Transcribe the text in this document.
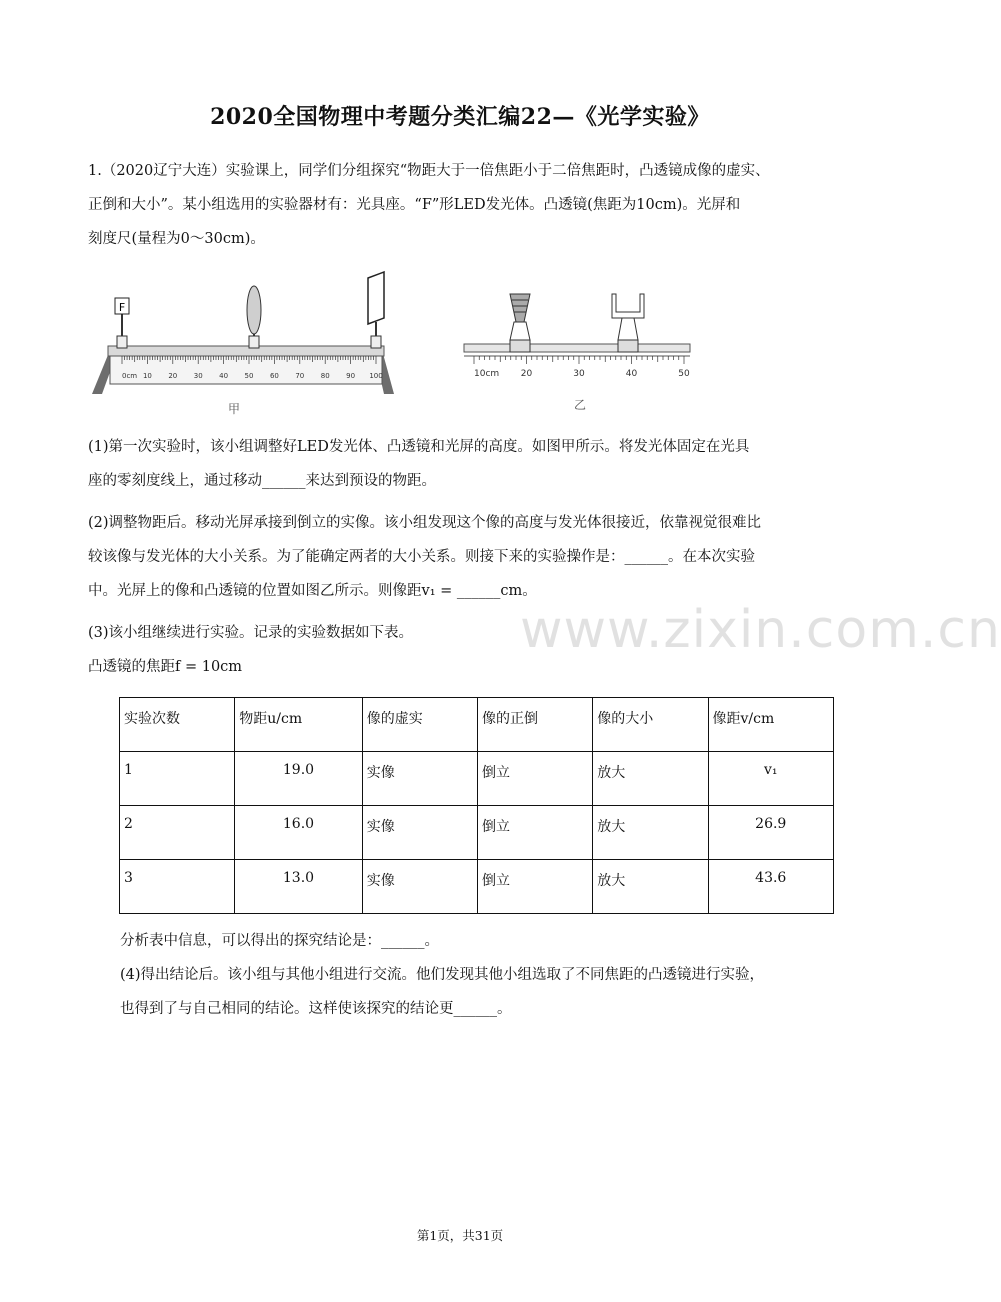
2020全国物理中考题分类汇编22—《光学实验》

1.（2020辽宁大连）实验课上，同学们分组探究“物距大于一倍焦距小于二倍焦距时，凸透镜成像的虚实、
正倒和大小”。某小组选用的实验器材有：光具座。“F”形LED发光体。凸透镜(焦距为10cm)。光屏和
刻度尺(量程为0～30cm)。

0cm 10 20 30 40 50 60 70 80 90 100
F
甲
10cm 20	30	40	50
乙

(1)第一次实验时，该小组调整好LED发光体、凸透镜和光屏的高度。如图甲所示。将发光体固定在光具
座的零刻度线上，通过移动______来达到预设的物距。

(2)调整物距后。移动光屏承接到倒立的实像。该小组发现这个像的高度与发光体很接近，依靠视觉很难比
较该像与发光体的大小关系。为了能确定两者的大小关系。则接下来的实验操作是：______。在本次实验
中。光屏上的像和凸透镜的位置如图乙所示。则像距v₁ = ______cm。

(3)该小组继续进行实验。记录的实验数据如下表。
凸透镜的焦距f = 10cm

实验次数	物距u/cm	像的虚实	像的正倒	像的大小	像距v/cm
1	19.0	实像	倒立	放大	v₁
2	16.0	实像	倒立	放大	26.9
3	13.0	实像	倒立	放大	43.6

分析表中信息，可以得出的探究结论是：______。

(4)得出结论后。该小组与其他小组进行交流。他们发现其他小组选取了不同焦距的凸透镜进行实验，
也得到了与自己相同的结论。这样使该探究的结论更______。

www.zixin.com.cn
第1页，共31页
